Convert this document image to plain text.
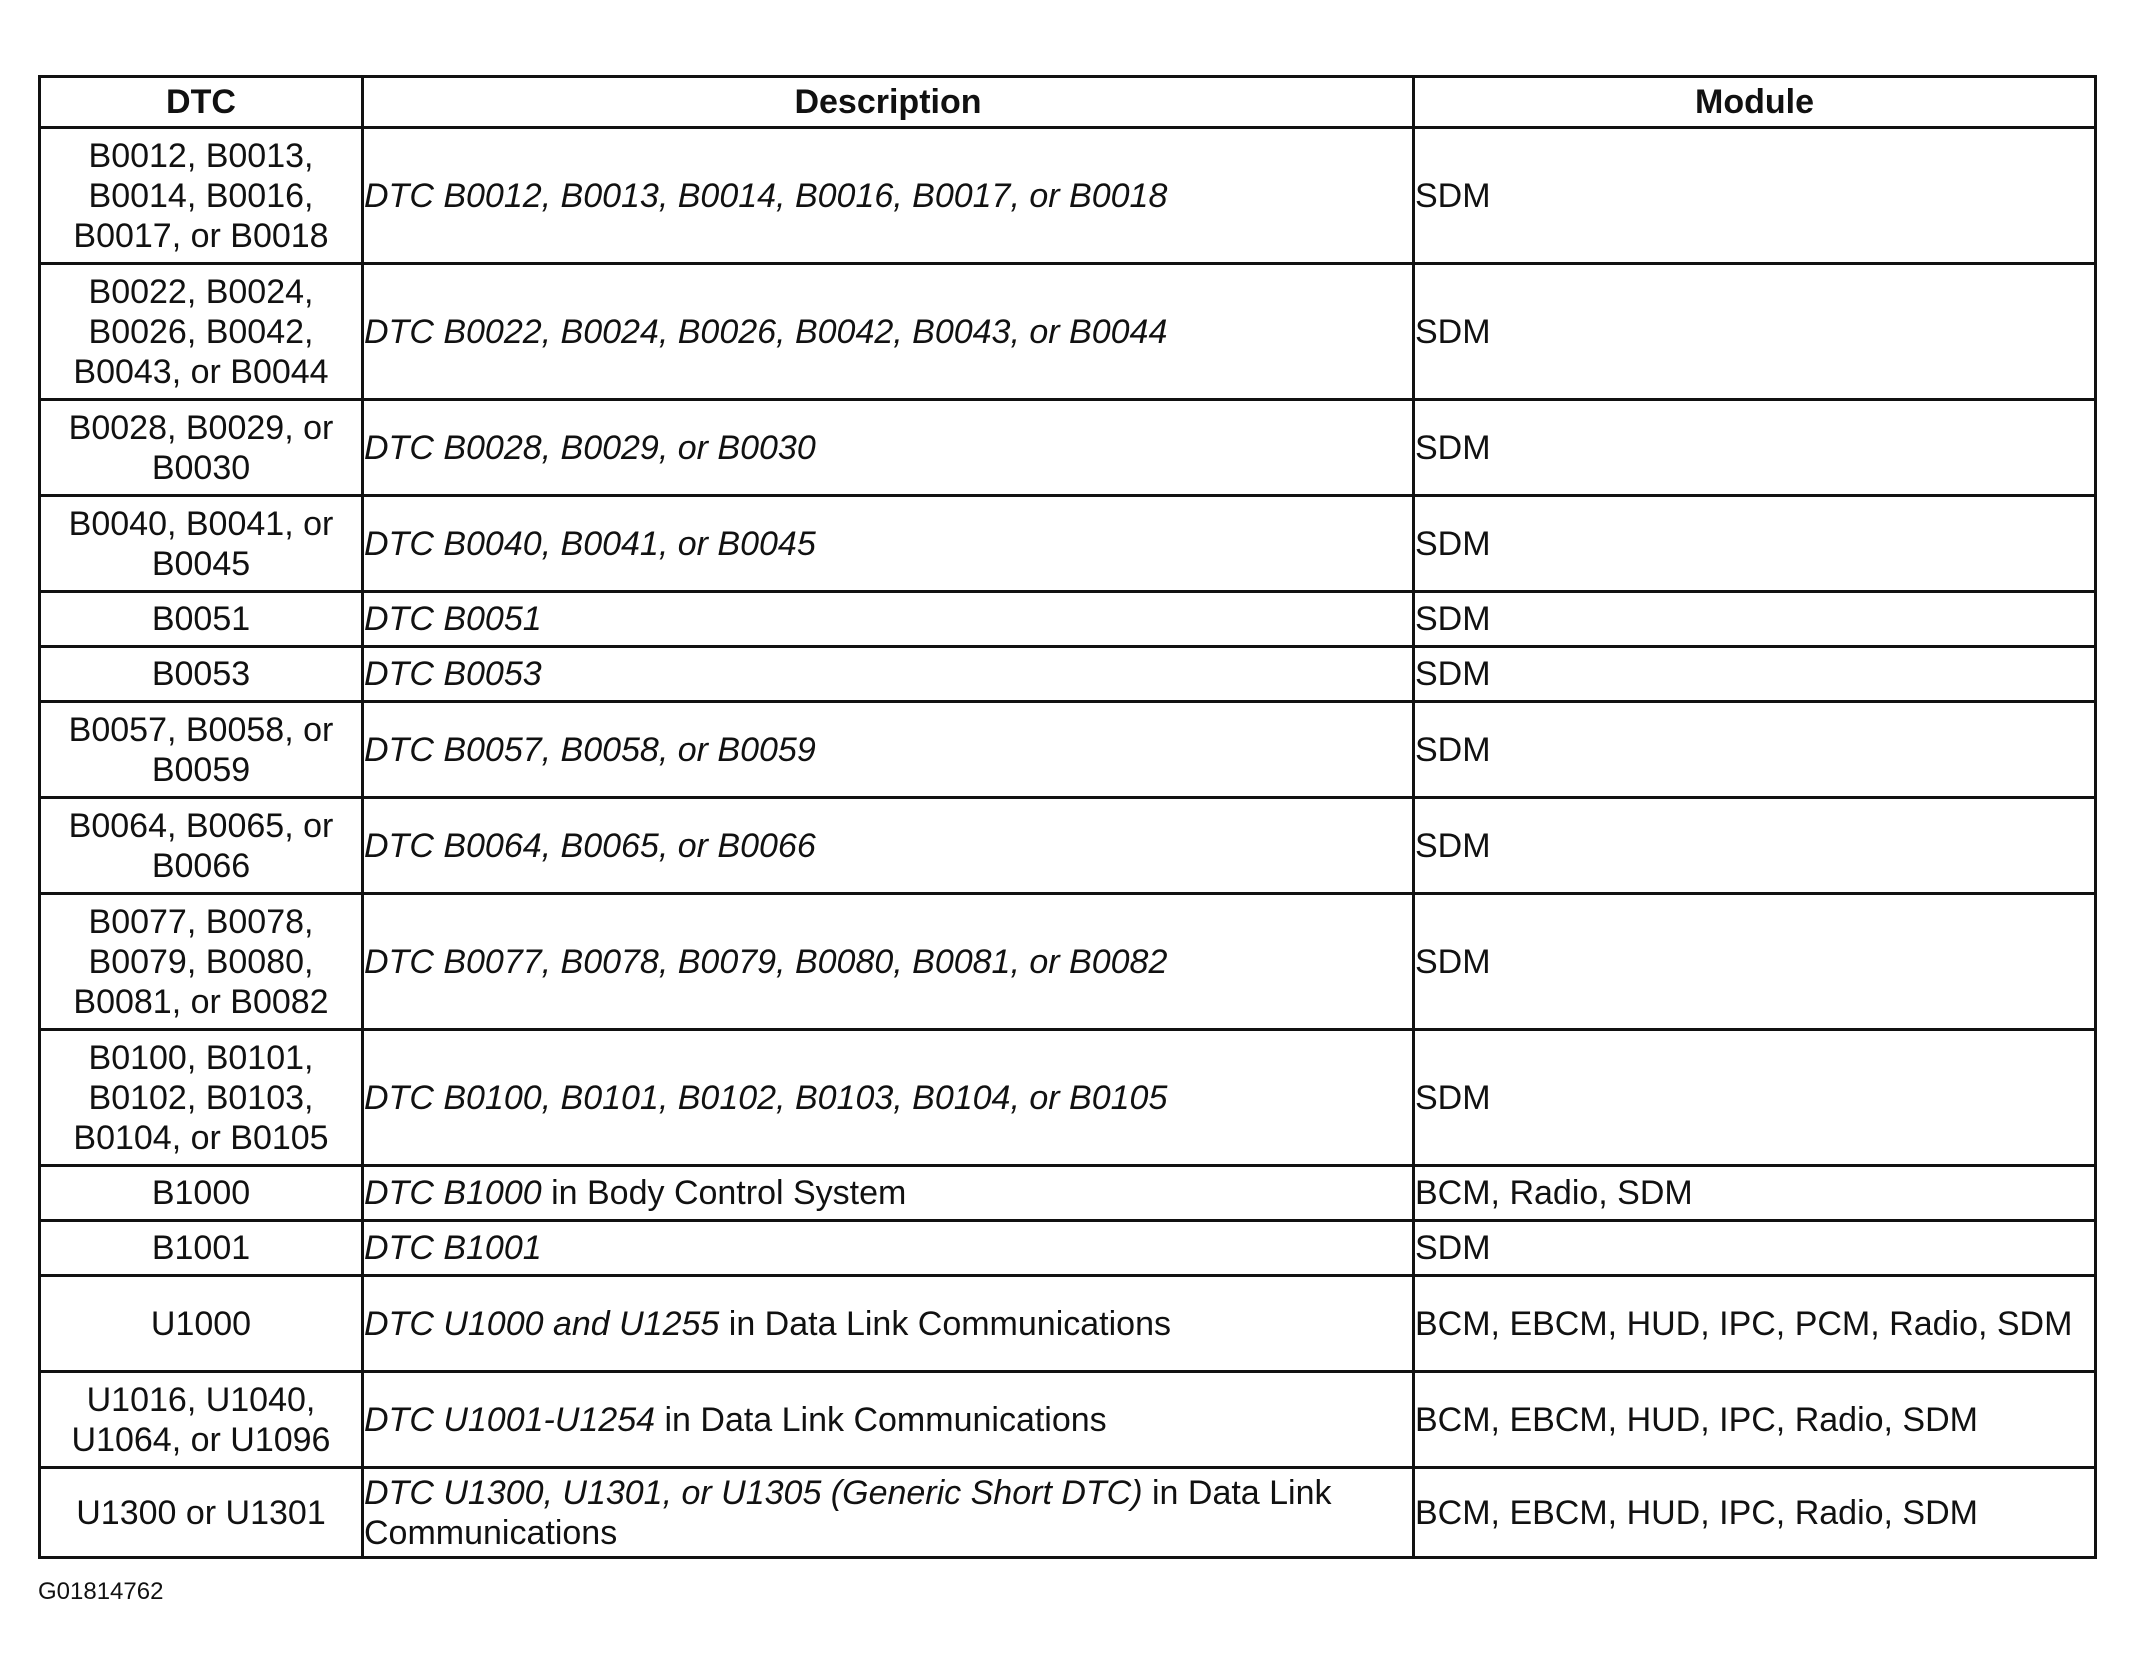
DTC	Description	Module
B0012, B0013, B0014, B0016, B0017, or B0018	DTC B0012, B0013, B0014, B0016, B0017, or B0018	SDM
B0022, B0024, B0026, B0042, B0043, or B0044	DTC B0022, B0024, B0026, B0042, B0043, or B0044	SDM
B0028, B0029, or B0030	DTC B0028, B0029, or B0030	SDM
B0040, B0041, or B0045	DTC B0040, B0041, or B0045	SDM
B0051	DTC B0051	SDM
B0053	DTC B0053	SDM
B0057, B0058, or B0059	DTC B0057, B0058, or B0059	SDM
B0064, B0065, or B0066	DTC B0064, B0065, or B0066	SDM
B0077, B0078, B0079, B0080, B0081, or B0082	DTC B0077, B0078, B0079, B0080, B0081, or B0082	SDM
B0100, B0101, B0102, B0103, B0104, or B0105	DTC B0100, B0101, B0102, B0103, B0104, or B0105	SDM
B1000	DTC B1000 in Body Control System	BCM, Radio, SDM
B1001	DTC B1001	SDM
U1000	DTC U1000 and U1255 in Data Link Communications	BCM, EBCM, HUD, IPC, PCM, Radio, SDM
U1016, U1040, U1064, or U1096	DTC U1001-U1254 in Data Link Communications	BCM, EBCM, HUD, IPC, Radio, SDM
U1300 or U1301	DTC U1300, U1301, or U1305 (Generic Short DTC) in Data Link Communications	BCM, EBCM, HUD, IPC, Radio, SDM
G01814762
